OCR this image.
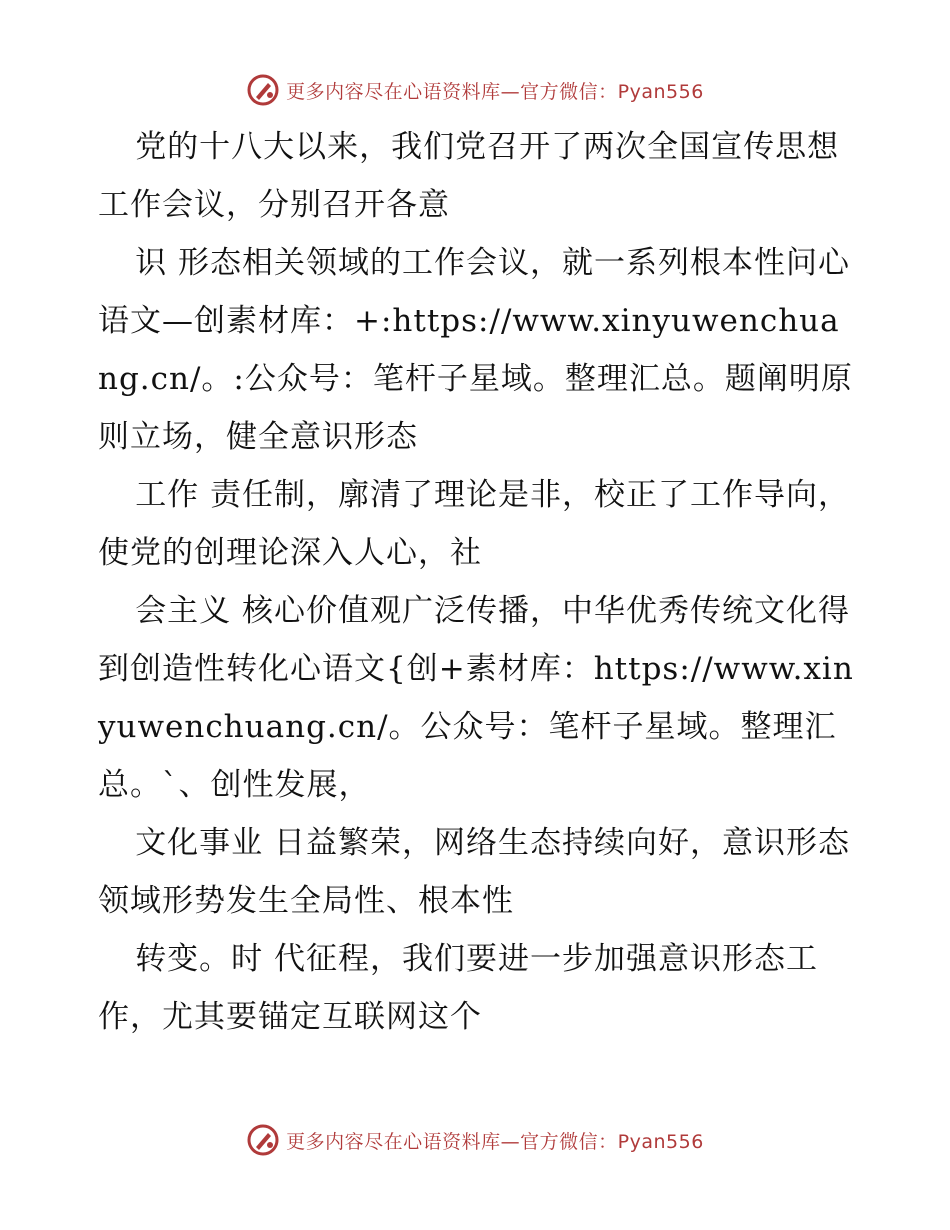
更多内容尽在心语资料库—官方微信：Pyan556

党的十八大以来，我们党召开了两次全国宣传思想工作会议，分别召开各意

识 形态相关领域的工作会议，就一系列根本性问心语文—创素材库：+:https://www.xinyuwenchuang.cn/。:公众号：笔杆子星域。整理汇总。题阐明原则立场，健全意识形态

工作 责任制，廓清了理论是非，校正了工作导向，使党的创理论深入人心，社

会主义 核心价值观广泛传播，中华优秀传统文化得到创造性转化心语文{创+素材库：https://www.xinyuwenchuang.cn/。公众号：笔杆子星域。整理汇总。`、创性发展，

文化事业 日益繁荣，网络生态持续向好，意识形态领域形势发生全局性、根本性

转变。时 代征程，我们要进一步加强意识形态工作，尤其要锚定互联网这个

更多内容尽在心语资料库—官方微信：Pyan556
